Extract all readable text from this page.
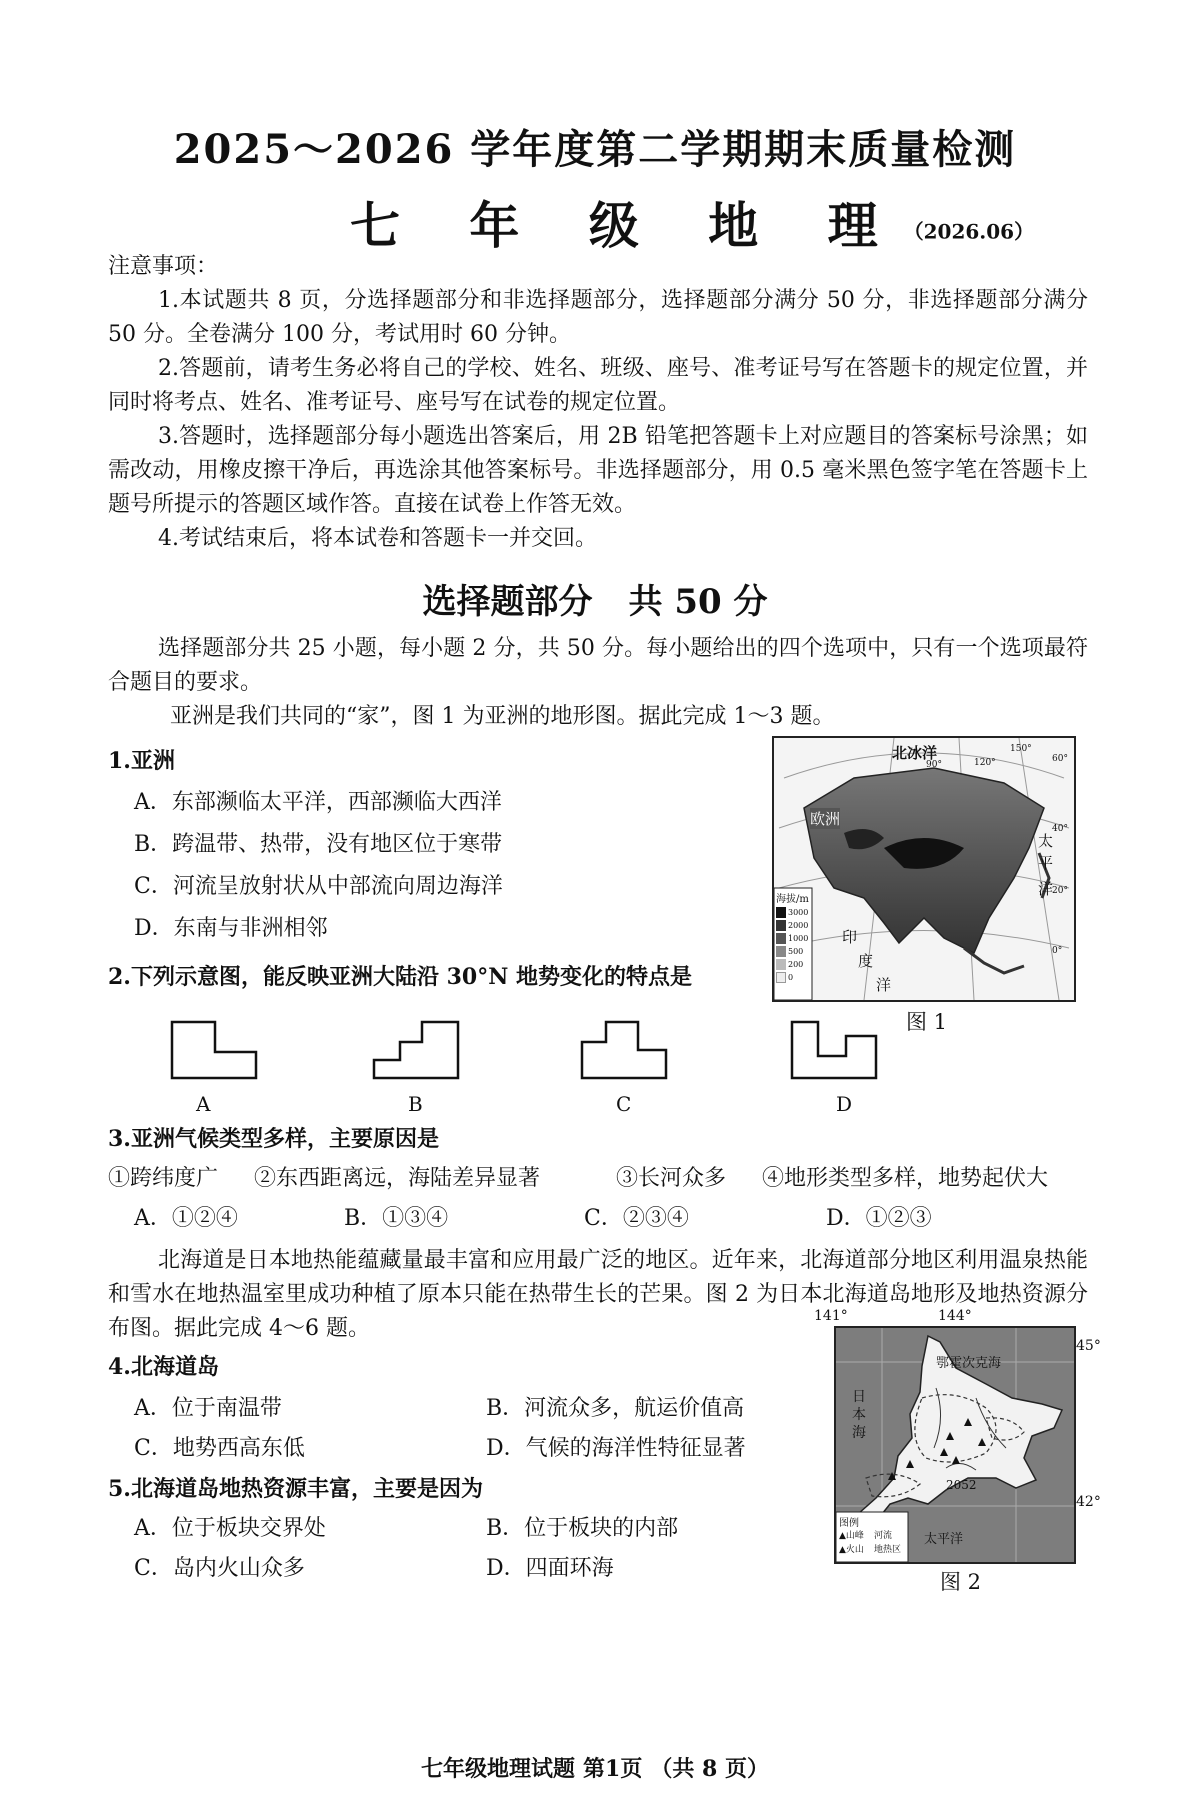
2025～2026 学年度第二学期期末质量检测
七 年 级 地 理（2026.06）
注意事项：
1.本试题共 8 页，分选择题部分和非选择题部分，选择题部分满分 50 分，非选择题部分满分 50 分。全卷满分 100 分，考试用时 60 分钟。
2.答题前，请考生务必将自己的学校、姓名、班级、座号、准考证号写在答题卡的规定位置，并同时将考点、姓名、准考证号、座号写在试卷的规定位置。
3.答题时，选择题部分每小题选出答案后，用 2B 铅笔把答题卡上对应题目的答案标号涂黑；如需改动，用橡皮擦干净后，再选涂其他答案标号。非选择题部分，用 0.5 毫米黑色签字笔在答题卡上题号所提示的答题区域作答。直接在试卷上作答无效。
4.考试结束后，将本试卷和答题卡一并交回。
选择题部分 共 50 分
选择题部分共 25 小题，每小题 2 分，共 50 分。每小题给出的四个选项中，只有一个选项最符合题目的要求。
亚洲是我们共同的“家”，图 1 为亚洲的地形图。据此完成 1～3 题。
1.亚洲
A．东部濒临太平洋，西部濒临大西洋
B．跨温带、热带，没有地区位于寒带
C．河流呈放射状从中部流向周边海洋
D．东南与非洲相邻
北冰洋
90°	120°
150°
60°
40°
20°
0°
欧洲
太
平
洋
印
度
洋
海拔/m
3000
2000
1000
500
200
0
图 1
2.下列示意图，能反映亚洲大陆沿 30°N 地势变化的特点是
A	B	C	D
3.亚洲气候类型多样，主要原因是
①跨纬度广 ②东西距离远，海陆差异显著	③长河众多 ④地形类型多样，地势起伏大
A．①②④	B．①③④	C．②③④	D．①②③
北海道是日本地热能蕴藏量最丰富和应用最广泛的地区。近年来，北海道部分地区利用温泉热能和雪水在地热温室里成功种植了原本只能在热带生长的芒果。图 2 为日本北海道岛地形及地热资源分布图。据此完成 4～6 题。
4.北海道岛
A．位于南温带	B．河流众多，航运价值高
C．地势西高东低	D．气候的海洋性特征显著
5.北海道岛地热资源丰富，主要是因为
A．位于板块交界处	B．位于板块的内部
C．岛内火山众多	D．四面环海
141°	144°
鄂霍次克海
日本海
2052
太平洋
图例
▲山峰 河流
▲火山 地热区
45°
42°
图 2
七年级地理试题 第1页 （共 8 页）
